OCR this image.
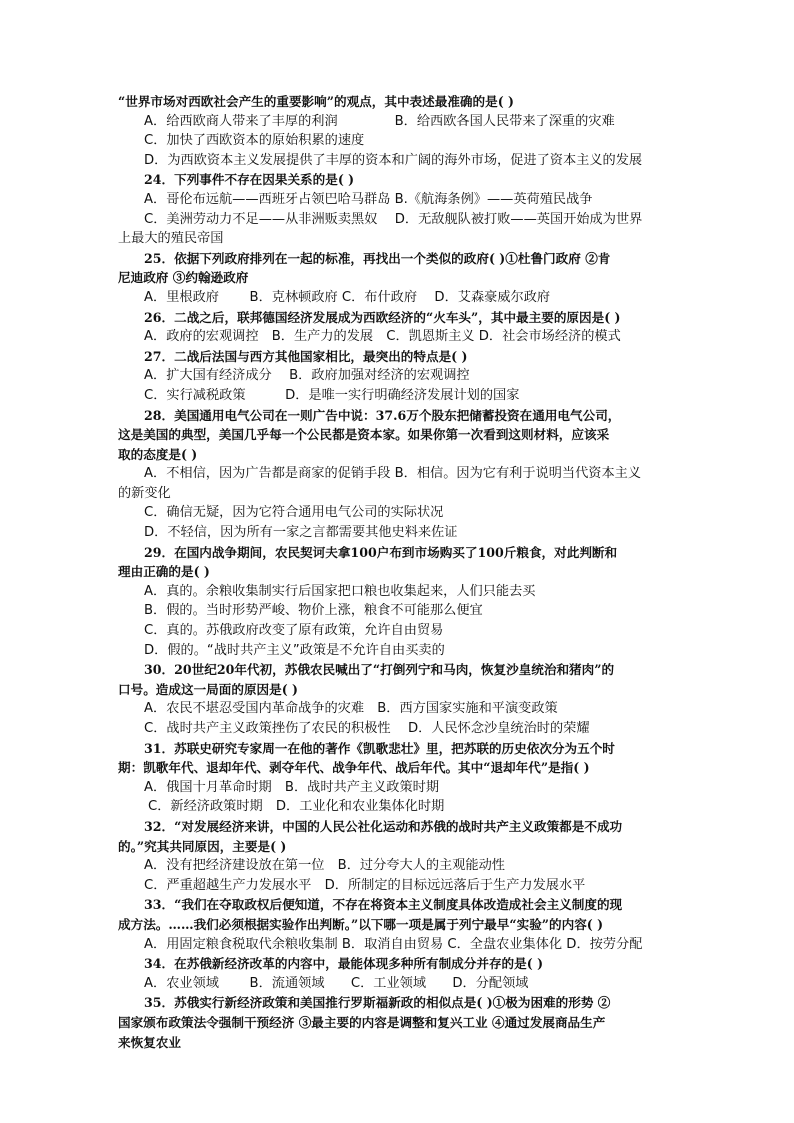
“世界市场对西欧社会产生的重要影响”的观点，其中表述最准确的是( )
A．给西欧商人带来了丰厚的利润　　　　 B．给西欧各国人民带来了深重的灾难
C．加快了西欧资本的原始积累的速度
D．为西欧资本主义发展提供了丰厚的资本和广阔的海外市场，促进了资本主义的发展
24．下列事件不存在因果关系的是( )
A．哥伦布远航——西班牙占领巴哈马群岛 B.《航海条例》——英荷殖民战争
C．美洲劳动力不足——从非洲贩卖黑奴　 D．无敌舰队被打败——英国开始成为世界
上最大的殖民帝国
25．依据下列政府排列在一起的标准，再找出一个类似的政府( )①杜鲁门政府 ②肯
尼迪政府 ③约翰逊政府
A．里根政府　　 B．克林顿政府 C．布什政府　 D．艾森豪威尔政府
26．二战之后，联邦德国经济发展成为西欧经济的“火车头”，其中最主要的原因是( )
A．政府的宏观调控　B．生产力的发展　C．凯恩斯主义 D．社会市场经济的模式
27．二战后法国与西方其他国家相比，最突出的特点是( )
A．扩大国有经济成分　 B．政府加强对经济的宏观调控
C．实行减税政策　　　D．是唯一实行明确经济发展计划的国家
28．美国通用电气公司在一则广告中说：37.6万个股东把储蓄投资在通用电气公司，
这是美国的典型，美国几乎每一个公民都是资本家。如果你第一次看到这则材料，应该采
取的态度是( )
A．不相信，因为广告都是商家的促销手段 B．相信。因为它有利于说明当代资本主义
的新变化
C．确信无疑，因为它符合通用电气公司的实际状况
D．不轻信，因为所有一家之言都需要其他史料来佐证
29．在国内战争期间，农民契诃夫拿100户布到市场购买了100斤粮食，对此判断和
理由正确的是( )
A．真的。余粮收集制实行后国家把口粮也收集起来，人们只能去买
B．假的。当时形势严峻、物价上涨，粮食不可能那么便宜
C．真的。苏俄政府改变了原有政策，允许自由贸易
D．假的。“战时共产主义”政策是不允许自由买卖的
30．20世纪20年代初，苏俄农民喊出了“打倒列宁和马肉，恢复沙皇统治和猪肉”的
口号。造成这一局面的原因是( )
A．农民不堪忍受国内革命战争的灾难　B．西方国家实施和平演变政策
C．战时共产主义政策挫伤了农民的积极性　 D．人民怀念沙皇统治时的荣耀
31．苏联史研究专家周一在他的著作《凯歌悲壮》里，把苏联的历史依次分为五个时
期：凯歌年代、退却年代、剥夺年代、战争年代、战后年代。其中“退却年代”是指( )
A．俄国十月革命时期　B．战时共产主义政策时期
C．新经济政策时期　D．工业化和农业集体化时期
32．“对发展经济来讲，中国的人民公社化运动和苏俄的战时共产主义政策都是不成功
的。”究其共同原因，主要是( )
A．没有把经济建设放在第一位　B．过分夸大人的主观能动性
C．严重超越生产力发展水平　D．所制定的目标远远落后于生产力发展水平
33．“我们在夺取政权后便知道，不存在将资本主义制度具体改造成社会主义制度的现
成方法。……我们必须根据实验作出判断。”以下哪一项是属于列宁最早“实验”的内容( )
A．用固定粮食税取代余粮收集制 B．取消自由贸易 C．全盘农业集体化 D．按劳分配
34．在苏俄新经济改革的内容中，最能体现多种所有制成分并存的是( )
A．农业领域　　 B．流通领域　　C．工业领域　　D．分配领域
35．苏俄实行新经济政策和美国推行罗斯福新政的相似点是( )①极为困难的形势 ②
国家颁布政策法令强制干预经济 ③最主要的内容是调整和复兴工业 ④通过发展商品生产
来恢复农业
